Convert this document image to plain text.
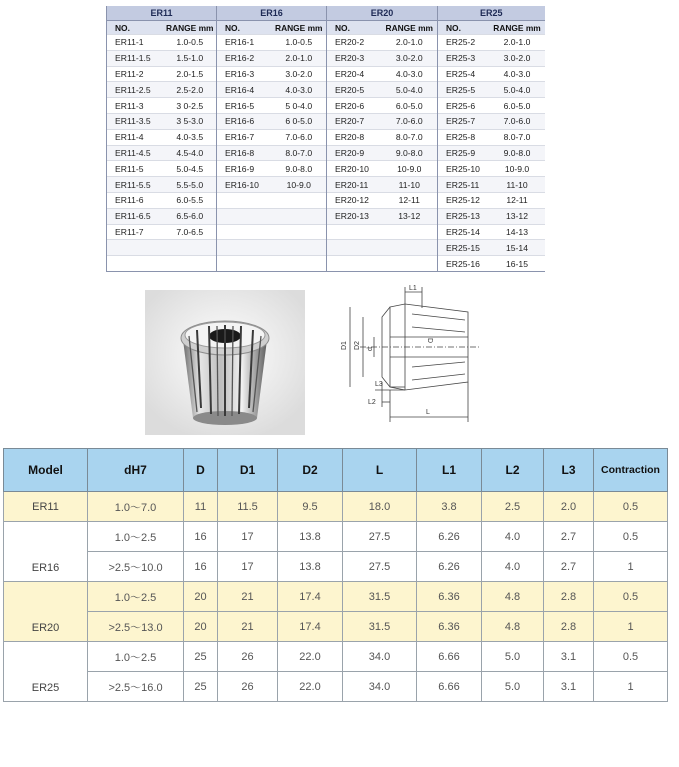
ER11		ER16		ER20		ER25	
NO.	RANGE mm	NO.	RANGE mm	NO.	RANGE mm	NO.	RANGE mm
ER11-1	1.0-0.5	ER16-1	1.0-0.5	ER20-2	2.0-1.0	ER25-2	2.0-1.0
ER11-1.5	1.5-1.0	ER16-2	2.0-1.0	ER20-3	3.0-2.0	ER25-3	3.0-2.0
ER11-2	2.0-1.5	ER16-3	3.0-2.0	ER20-4	4.0-3.0	ER25-4	4.0-3.0
ER11-2.5	2.5-2.0	ER16-4	4.0-3.0	ER20-5	5.0-4.0	ER25-5	5.0-4.0
ER11-3	3 0-2.5	ER16-5	5 0-4.0	ER20-6	6.0-5.0	ER25-6	6.0-5.0
ER11-3.5	3 5-3.0	ER16-6	6 0-5.0	ER20-7	7.0-6.0	ER25-7	7.0-6.0
ER11-4	4.0-3.5	ER16-7	7.0-6.0	ER20-8	8.0-7.0	ER25-8	8.0-7.0
ER11-4.5	4.5-4.0	ER16-8	8.0-7.0	ER20-9	9.0-8.0	ER25-9	9.0-8.0
ER11-5	5.0-4.5	ER16-9	9.0-8.0	ER20-10	10-9.0	ER25-10	10-9.0
ER11-5.5	5.5-5.0	ER16-10	10-9.0	ER20-11	11-10	ER25-11	11-10
ER11-6	6.0-5.5			ER20-12	12-11	ER25-12	12-11
ER11-6.5	6.5-6.0			ER20-13	13-12	ER25-13	13-12
ER11-7	7.0-6.5					ER25-14	14-13
						ER25-15	15-14
						ER25-16	16-15
L1
D1 D2 d
D
L3
L2
L
Model	dH7	D	D1	D2	L	L1	L2	L3	Contraction
ER11	1.0～7.0	11	11.5	9.5	18.0	3.8	2.5	2.0	0.5
ER16	1.0～2.5	16	17	13.8	27.5	6.26	4.0	2.7	0.5
	>2.5～10.0	16	17	13.8	27.5	6.26	4.0	2.7	1
ER20	1.0～2.5	20	21	17.4	31.5	6.36	4.8	2.8	0.5
	>2.5～13.0	20	21	17.4	31.5	6.36	4.8	2.8	1
ER25	1.0～2.5	25	26	22.0	34.0	6.66	5.0	3.1	0.5
	>2.5～16.0	25	26	22.0	34.0	6.66	5.0	3.1	1
